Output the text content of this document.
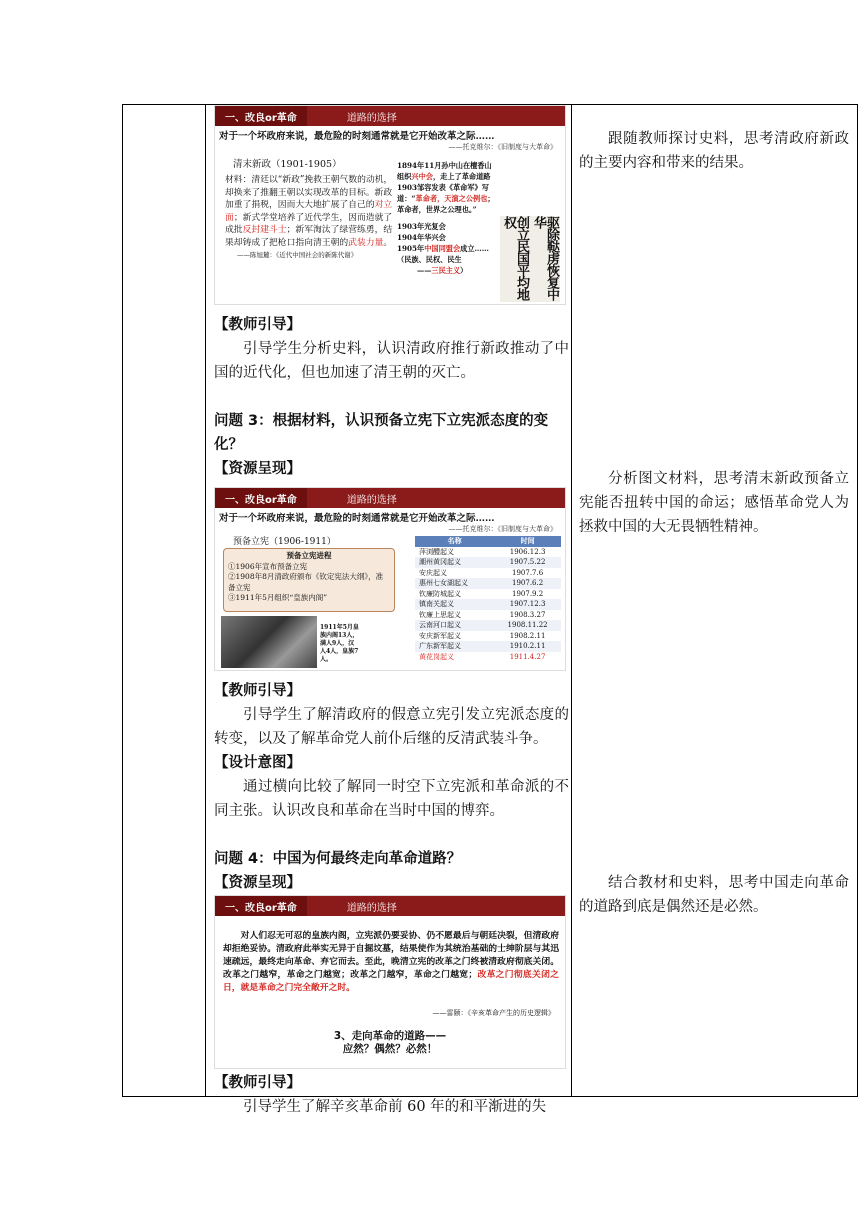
一、改良or革命	道路的选择
对于一个坏政府来说，最危险的时刻通常就是它开始改革之际……
——托克维尔：《旧制度与大革命》
清末新政（1901-1905）
材料：清廷以“新政”挽救王朝气数的动机，却换来了推翻王朝以实现改革的目标。新政加重了捐税，因而大大地扩展了自己的对立面；新式学堂培养了近代学生，因而造就了成批反封建斗士；新军淘汰了绿营练勇，结果却铸成了把枪口指向清王朝的武装力量。
——陈旭麓：《近代中国社会的新陈代谢》
1894年11月孙中山在檀香山组织兴中会，走上了革命道路
1903邹容发表《革命军》写道：“革命者，天演之公例也；革命者，世界之公理也。”
1903年光复会
1904年华兴会
1905年中国同盟会成立……
（民族、民权、民生
——三民主义）	创立民国平均地权	驱除鞑虏恢复中华
【教师引导】

引导学生分析史料，认识清政府推行新政推动了中国的近代化，但也加速了清王朝的灭亡。

问题 3：根据材料，认识预备立宪下立宪派态度的变化？

【资源呈现】
一、改良or革命	道路的选择
对于一个坏政府来说，最危险的时刻通常就是它开始改革之际……
——托克维尔：《旧制度与大革命》
预备立宪（1906-1911）
预备立宪进程
①1906年宣布预备立宪
②1908年8月清政府颁布《钦定宪法大纲》，准备立宪
③1911年5月组织“皇族内阁”
1911年5月皇族内阁13人，满人9人，汉人4人，皇族7人。
名称	时间
萍浏醴起义	1906.12.3
潮州黄冈起义	1907.5.22
安庆起义	1907.7.6
惠州七女湖起义	1907.6.2
钦廉防城起义	1907.9.2
镇南关起义	1907.12.3
钦廉上思起义	1908.3.27
云南河口起义	1908.11.22
安庆新军起义	1908.2.11
广东新军起义	1910.2.11
黄花岗起义	1911.4.27
【教师引导】

引导学生了解清政府的假意立宪引发立宪派态度的转变，以及了解革命党人前仆后继的反清武装斗争。

【设计意图】

通过横向比较了解同一时空下立宪派和革命派的不同主张。认识改良和革命在当时中国的博弈。

问题 4：中国为何最终走向革命道路？

【资源呈现】
一、改良or革命	道路的选择
对人们忍无可忍的皇族内阁，立宪派仍要妥协、仍不愿最后与朝廷决裂，但清政府却拒绝妥协。清政府此举实无异于自掘坟墓，结果使作为其统治基础的士绅阶层与其迅速疏远，最终走向革命、弃它而去。至此，晚清立宪的改革之门终被清政府彻底关闭。改革之门越窄，革命之门越宽；改革之门越窄，革命之门越宽；改革之门彻底关闭之日，就是革命之门完全敞开之时。
——雷颐：《辛亥革命产生的历史逻辑》
3、走向革命的道路——
应然？偶然？必然！
【教师引导】

引导学生了解辛亥革命前 60 年的和平渐进的失

跟随教师探讨史料，思考清政府新政的主要内容和带来的结果。

分析图文材料，思考清末新政预备立宪能否扭转中国的命运；感悟革命党人为拯救中国的大无畏牺牲精神。

结合教材和史料，思考中国走向革命的道路到底是偶然还是必然。
